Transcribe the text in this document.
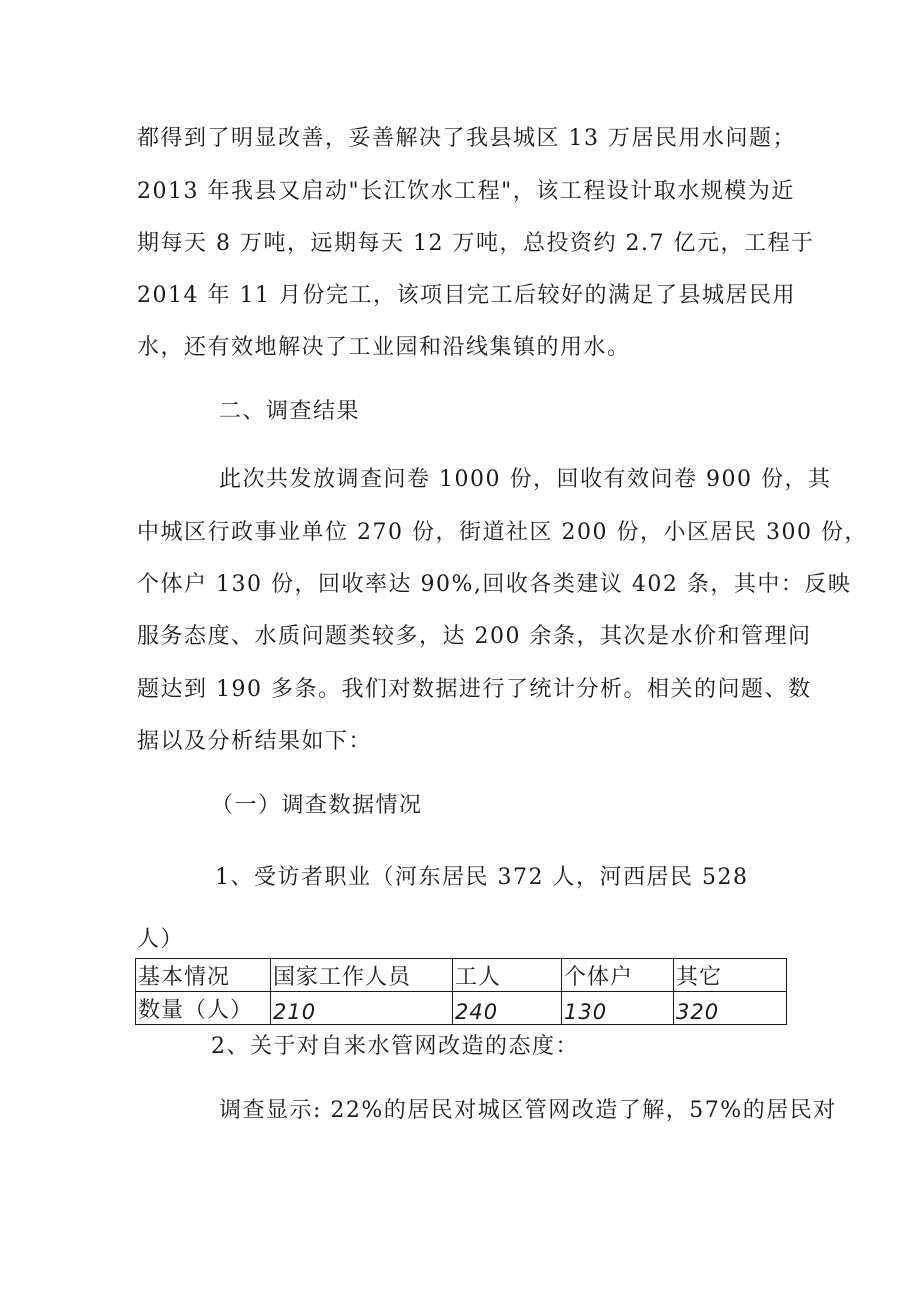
都得到了明显改善，妥善解决了我县城区 13 万居民用水问题；
2013 年我县又启动"长江饮水工程"，该工程设计取水规模为近
期每天 8 万吨，远期每天 12 万吨，总投资约 2.7 亿元，工程于
2014 年 11 月份完工，该项目完工后较好的满足了县城居民用
水，还有效地解决了工业园和沿线集镇的用水。
二、调查结果
此次共发放调查问卷 1000 份，回收有效问卷 900 份，其
中城区行政事业单位 270 份，街道社区 200 份，小区居民 300 份，
个体户 130 份，回收率达 90%,回收各类建议 402 条，其中：反映
服务态度、水质问题类较多，达 200 余条，其次是水价和管理问
题达到 190 多条。我们对数据进行了统计分析。相关的问题、数
据以及分析结果如下：
（一）调查数据情况
1、受访者职业（河东居民 372 人，河西居民 528
人）
基本情况	国家工作人员	工人	个体户	其它
数量（人）	210	240	130	320
2、关于对自来水管网改造的态度：
调查显示: 22%的居民对城区管网改造了解，57%的居民对
